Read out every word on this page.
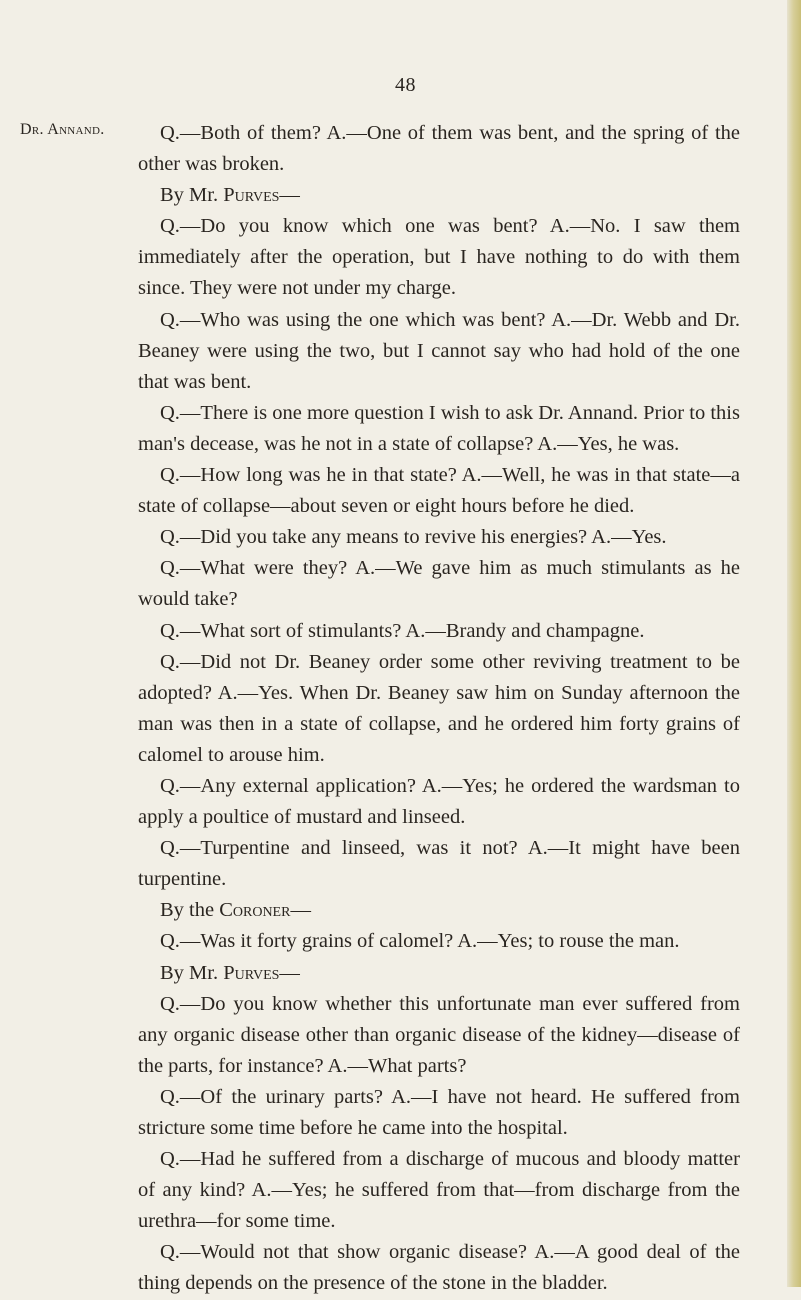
48
Dr. Annand.	Q.—Both of them? A.—One of them was bent, and the spring of the other was broken.

By Mr. Purves—

Q.—Do you know which one was bent? A.—No. I saw them immediately after the operation, but I have nothing to do with them since. They were not under my charge.

Q.—Who was using the one which was bent? A.—Dr. Webb and Dr. Beaney were using the two, but I cannot say who had hold of the one that was bent.

Q.—There is one more question I wish to ask Dr. Annand. Prior to this man's decease, was he not in a state of collapse? A.—Yes, he was.

Q.—How long was he in that state? A.—Well, he was in that state—a state of collapse—about seven or eight hours before he died.

Q.—Did you take any means to revive his energies? A.—Yes.

Q.—What were they? A.—We gave him as much stimulants as he would take?

Q.—What sort of stimulants? A.—Brandy and champagne.

Q.—Did not Dr. Beaney order some other reviving treatment to be adopted? A.—Yes. When Dr. Beaney saw him on Sunday afternoon the man was then in a state of collapse, and he ordered him forty grains of calomel to arouse him.

Q.—Any external application? A.—Yes; he ordered the wardsman to apply a poultice of mustard and linseed.

Q.—Turpentine and linseed, was it not? A.—It might have been turpentine.

By the Coroner—

Q.—Was it forty grains of calomel? A.—Yes; to rouse the man.

By Mr. Purves—

Q.—Do you know whether this unfortunate man ever suffered from any organic disease other than organic disease of the kidney—disease of the parts, for instance? A.—What parts?

Q.—Of the urinary parts? A.—I have not heard. He suffered from stricture some time before he came into the hospital.

Q.—Had he suffered from a discharge of mucous and bloody matter of any kind? A.—Yes; he suffered from that—from discharge from the urethra—for some time.

Q.—Would not that show organic disease? A.—A good deal of the thing depends on the presence of the stone in the bladder.
